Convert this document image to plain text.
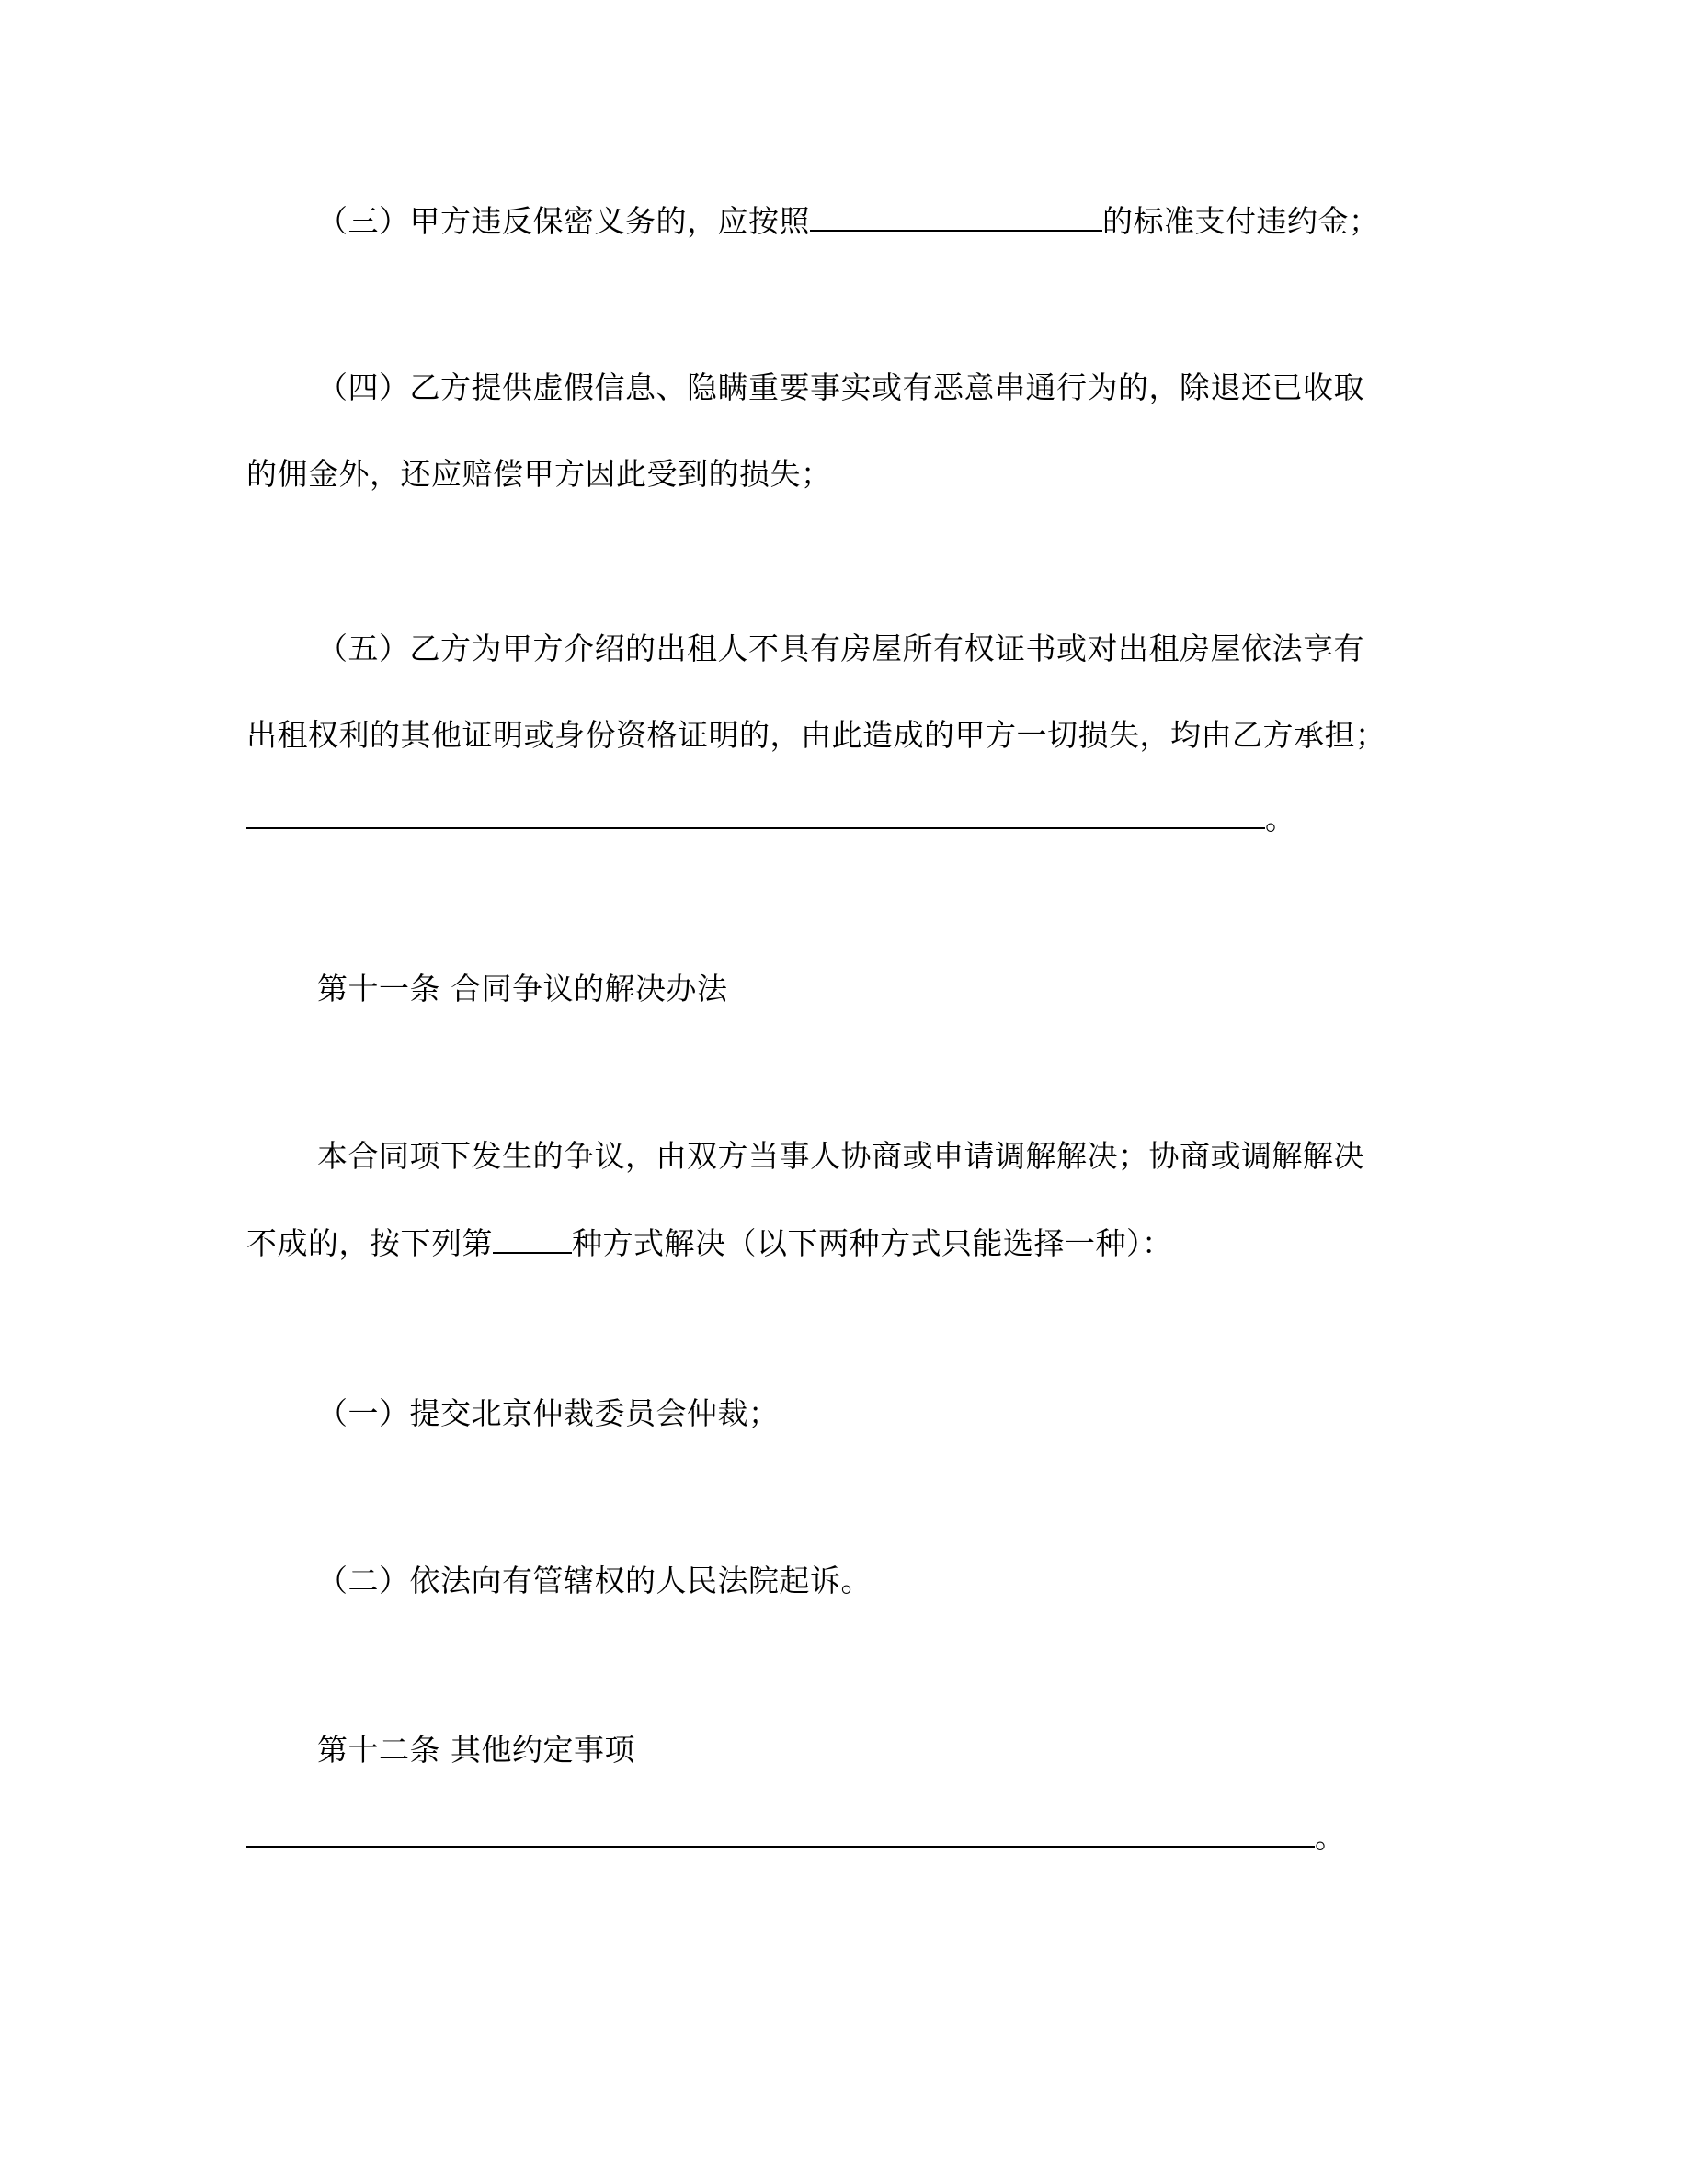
（三）甲方违反保密义务的，应按照	的标准支付违约金；
（四）乙方提供虚假信息、隐瞒重要事实或有恶意串通行为的，除退还已收取
的佣金外，还应赔偿甲方因此受到的损失；
（五）乙方为甲方介绍的出租人不具有房屋所有权证书或对出租房屋依法享有
出租权利的其他证明或身份资格证明的，由此造成的甲方一切损失，均由乙方承担；
。
第十一条 合同争议的解决办法
本合同项下发生的争议，由双方当事人协商或申请调解解决；协商或调解解决
不成的，按下列第	种方式解决（以下两种方式只能选择一种）：
（一）提交北京仲裁委员会仲裁；
（二）依法向有管辖权的人民法院起诉。
第十二条 其他约定事项
。
